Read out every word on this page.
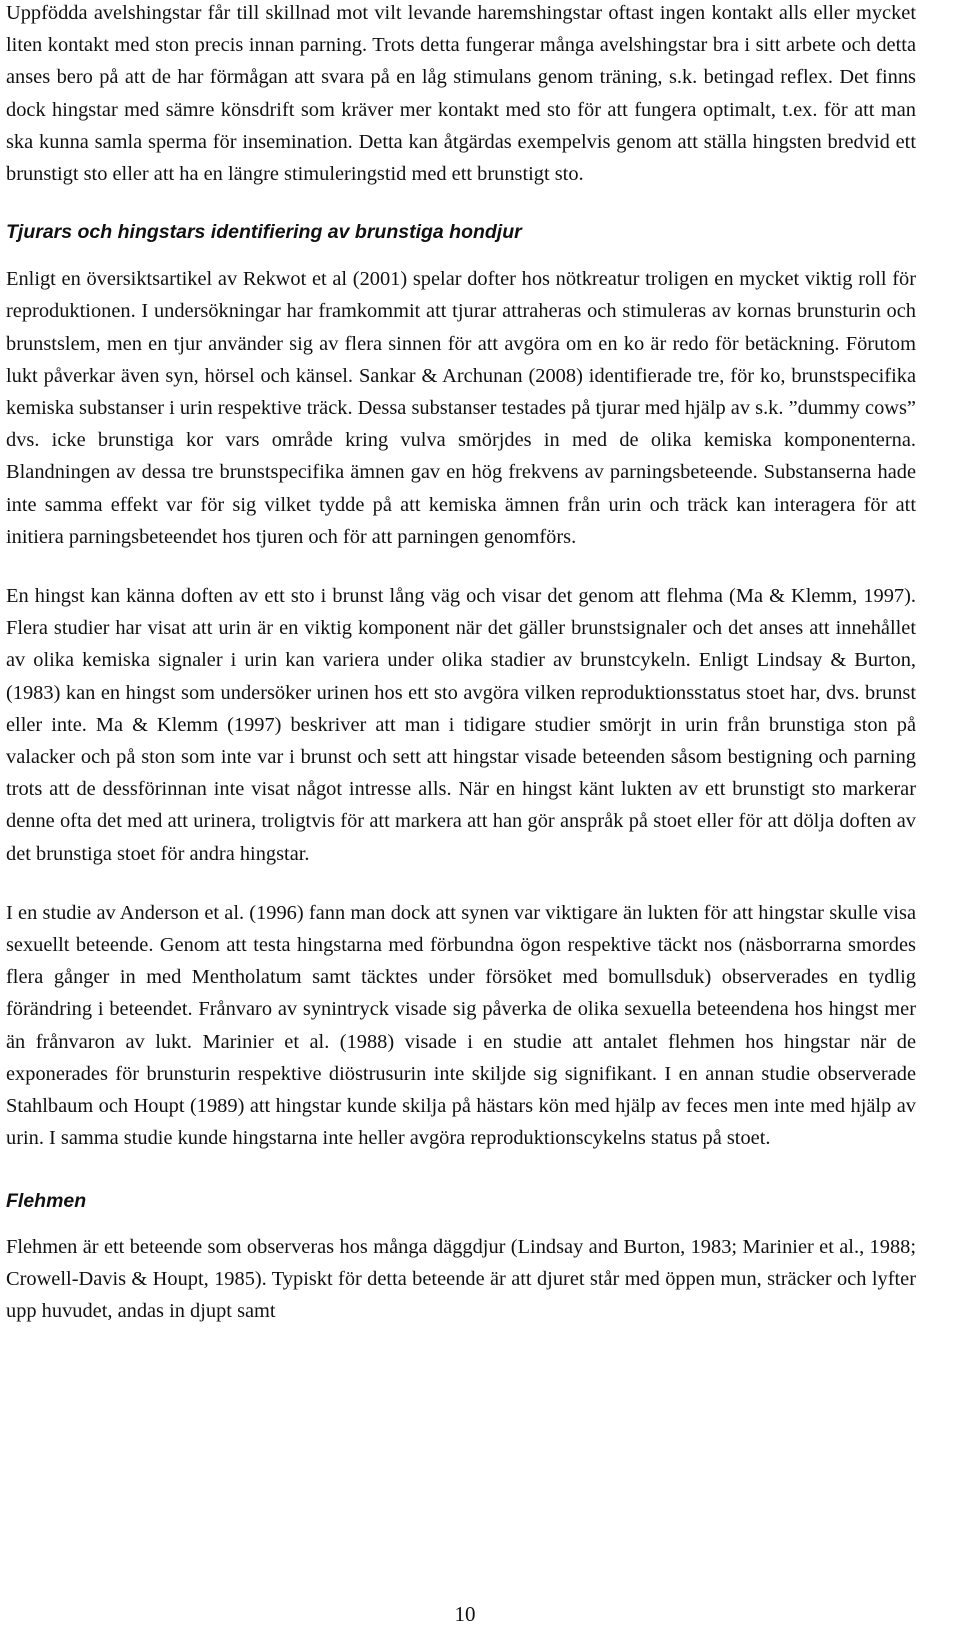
Uppfödda avelshingstar får till skillnad mot vilt levande haremshingstar oftast ingen kontakt alls eller mycket liten kontakt med ston precis innan parning. Trots detta fungerar många avelshingstar bra i sitt arbete och detta anses bero på att de har förmågan att svara på en låg stimulans genom träning, s.k. betingad reflex. Det finns dock hingstar med sämre könsdrift som kräver mer kontakt med sto för att fungera optimalt, t.ex. för att man ska kunna samla sperma för insemination. Detta kan åtgärdas exempelvis genom att ställa hingsten bredvid ett brunstigt sto eller att ha en längre stimuleringstid med ett brunstigt sto.

Tjurars och hingstars identifiering av brunstiga hondjur

Enligt en översiktsartikel av Rekwot et al (2001) spelar dofter hos nötkreatur troligen en mycket viktig roll för reproduktionen. I undersökningar har framkommit att tjurar attraheras och stimuleras av kornas brunsturin och brunstslem, men en tjur använder sig av flera sinnen för att avgöra om en ko är redo för betäckning. Förutom lukt påverkar även syn, hörsel och känsel. Sankar & Archunan (2008) identifierade tre, för ko, brunstspecifika kemiska substanser i urin respektive träck. Dessa substanser testades på tjurar med hjälp av s.k. ”dummy cows” dvs. icke brunstiga kor vars område kring vulva smörjdes in med de olika kemiska komponenterna. Blandningen av dessa tre brunstspecifika ämnen gav en hög frekvens av parningsbeteende. Substanserna hade inte samma effekt var för sig vilket tydde på att kemiska ämnen från urin och träck kan interagera för att initiera parningsbeteendet hos tjuren och för att parningen genomförs.

En hingst kan känna doften av ett sto i brunst lång väg och visar det genom att flehma (Ma & Klemm, 1997). Flera studier har visat att urin är en viktig komponent när det gäller brunstsignaler och det anses att innehållet av olika kemiska signaler i urin kan variera under olika stadier av brunstcykeln. Enligt Lindsay & Burton, (1983) kan en hingst som undersöker urinen hos ett sto avgöra vilken reproduktionsstatus stoet har, dvs. brunst eller inte. Ma & Klemm (1997) beskriver att man i tidigare studier smörjt in urin från brunstiga ston på valacker och på ston som inte var i brunst och sett att hingstar visade beteenden såsom bestigning och parning trots att de dessförinnan inte visat något intresse alls. När en hingst känt lukten av ett brunstigt sto markerar denne ofta det med att urinera, troligtvis för att markera att han gör anspråk på stoet eller för att dölja doften av det brunstiga stoet för andra hingstar.

I en studie av Anderson et al. (1996) fann man dock att synen var viktigare än lukten för att hingstar skulle visa sexuellt beteende. Genom att testa hingstarna med förbundna ögon respektive täckt nos (näsborrarna smordes flera gånger in med Mentholatum samt täcktes under försöket med bomullsduk) observerades en tydlig förändring i beteendet. Frånvaro av synintryck visade sig påverka de olika sexuella beteendena hos hingst mer än frånvaron av lukt. Marinier et al. (1988) visade i en studie att antalet flehmen hos hingstar när de exponerades för brunsturin respektive diöstrusurin inte skiljde sig signifikant. I en annan studie observerade Stahlbaum och Houpt (1989) att hingstar kunde skilja på hästars kön med hjälp av feces men inte med hjälp av urin. I samma studie kunde hingstarna inte heller avgöra reproduktionscykelns status på stoet.

Flehmen

Flehmen är ett beteende som observeras hos många däggdjur (Lindsay and Burton, 1983; Marinier et al., 1988; Crowell-Davis & Houpt, 1985). Typiskt för detta beteende är att djuret står med öppen mun, sträcker och lyfter upp huvudet, andas in djupt samt

10
